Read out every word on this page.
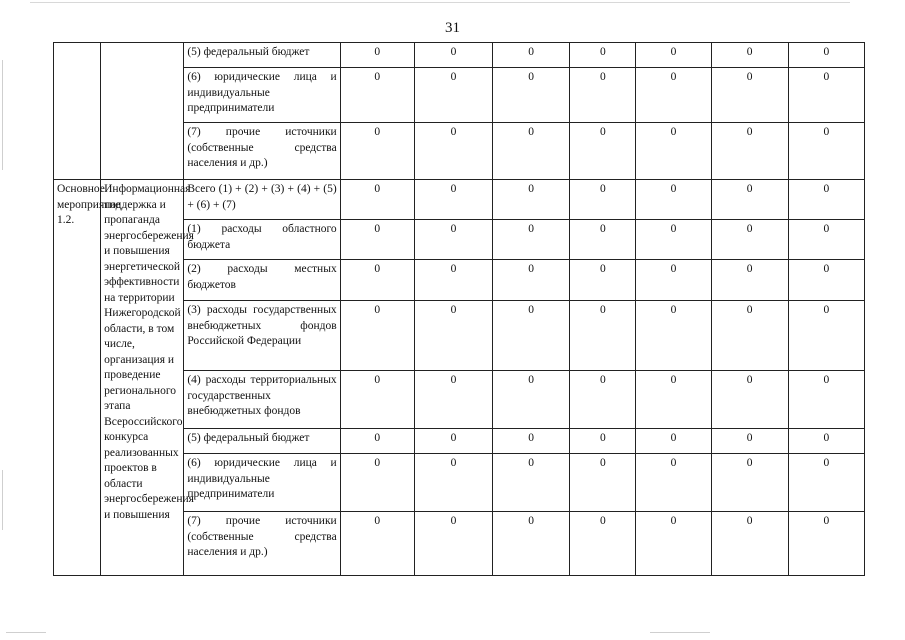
31
		(5) федеральный бюджет	0	0	0	0	0	0	0
		(6) юридические лица и индивидуальные предприниматели	0	0	0	0	0	0	0
		(7) прочие источники (собственные средства населения и др.)	0	0	0	0	0	0	0
Основное мероприятие 1.2.	Информационная поддержка и пропаганда энергосбережения и повышения энергетической эффективности на территории Нижегородской области, в том числе, организация и проведение регионального этапа Всероссийского конкурса реализованных проектов в области энергосбережения и повышения	Всего (1) + (2) + (3) + (4) + (5) + (6) + (7)	0	0	0	0	0	0	0
		(1) расходы областного бюджета	0	0	0	0	0	0	0
		(2) расходы местных бюджетов	0	0	0	0	0	0	0
		(3) расходы государственных внебюджетных фондов Российской Федерации	0	0	0	0	0	0	0
		(4) расходы территориальных государственных внебюджетных фондов	0	0	0	0	0	0	0
		(5) федеральный бюджет	0	0	0	0	0	0	0
		(6) юридические лица и индивидуальные предприниматели	0	0	0	0	0	0	0
		(7) прочие источники (собственные средства населения и др.)	0	0	0	0	0	0	0
